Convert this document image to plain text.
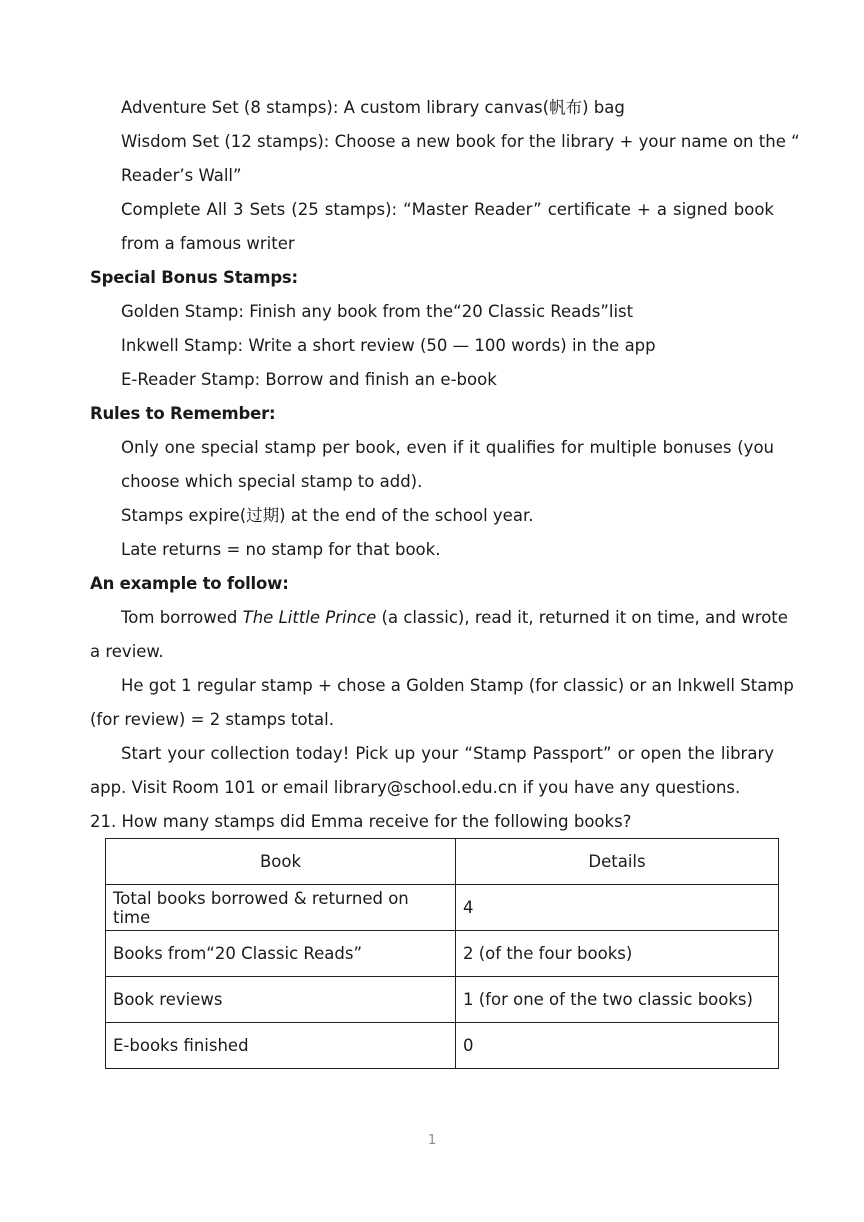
Adventure Set (8 stamps): A custom library canvas(帆布) bag
Wisdom Set (12 stamps): Choose a new book for the library + your name on the “
Reader’s Wall”
Complete All 3 Sets (25 stamps): “Master Reader” certificate + a signed book
from a famous writer
Special Bonus Stamps:
Golden Stamp: Finish any book from the“20 Classic Reads”list
Inkwell Stamp: Write a short review (50 — 100 words) in the app
E-Reader Stamp: Borrow and finish an e-book
Rules to Remember:
Only one special stamp per book, even if it qualifies for multiple bonuses (you
choose which special stamp to add).
Stamps expire(过期) at the end of the school year.
Late returns = no stamp for that book.
An example to follow:
Tom borrowed The Little Prince (a classic), read it, returned it on time, and wrote
a review.
He got 1 regular stamp + chose a Golden Stamp (for classic) or an Inkwell Stamp
(for review) = 2 stamps total.
Start your collection today! Pick up your “Stamp Passport” or open the library
app. Visit Room 101 or email library@school.edu.cn if you have any questions.
21. How many stamps did Emma receive for the following books?
Book	Details
Total books borrowed & returned on time	4
Books from“20 Classic Reads”	2 (of the four books)
Book reviews	1 (for one of the two classic books)
E-books finished	0
1
